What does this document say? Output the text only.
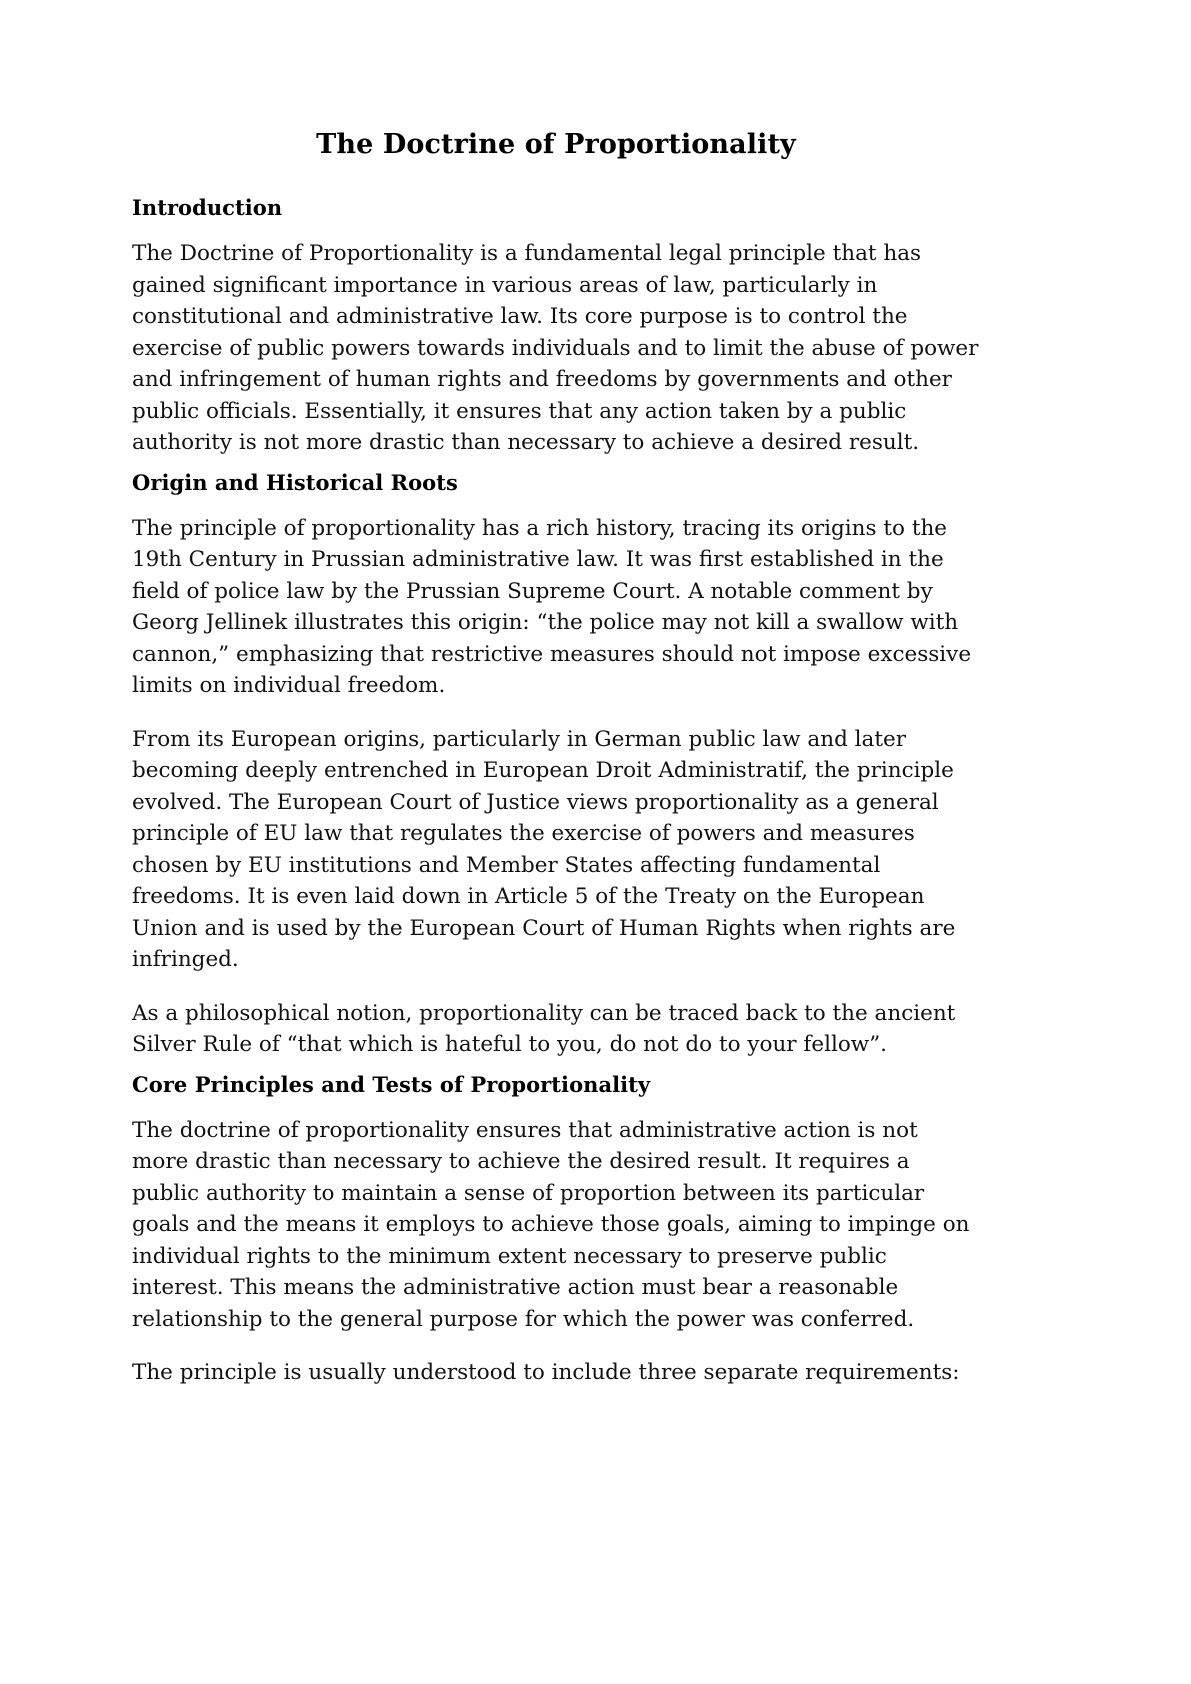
The Doctrine of Proportionality
Introduction

The Doctrine of Proportionality is a fundamental legal principle that has gained significant importance in various areas of law, particularly in constitutional and administrative law. Its core purpose is to control the exercise of public powers towards individuals and to limit the abuse of power and infringement of human rights and freedoms by governments and other public officials. Essentially, it ensures that any action taken by a public authority is not more drastic than necessary to achieve a desired result.

Origin and Historical Roots

The principle of proportionality has a rich history, tracing its origins to the 19th Century in Prussian administrative law. It was first established in the field of police law by the Prussian Supreme Court. A notable comment by Georg Jellinek illustrates this origin: “the police may not kill a swallow with cannon,” emphasizing that restrictive measures should not impose excessive limits on individual freedom.

From its European origins, particularly in German public law and later becoming deeply entrenched in European Droit Administratif, the principle evolved. The European Court of Justice views proportionality as a general principle of EU law that regulates the exercise of powers and measures chosen by EU institutions and Member States affecting fundamental freedoms. It is even laid down in Article 5 of the Treaty on the European Union and is used by the European Court of Human Rights when rights are infringed.

As a philosophical notion, proportionality can be traced back to the ancient Silver Rule of “that which is hateful to you, do not do to your fellow”.

Core Principles and Tests of Proportionality

The doctrine of proportionality ensures that administrative action is not more drastic than necessary to achieve the desired result. It requires a public authority to maintain a sense of proportion between its particular goals and the means it employs to achieve those goals, aiming to impinge on individual rights to the minimum extent necessary to preserve public interest. This means the administrative action must bear a reasonable relationship to the general purpose for which the power was conferred.

The principle is usually understood to include three separate requirements:
